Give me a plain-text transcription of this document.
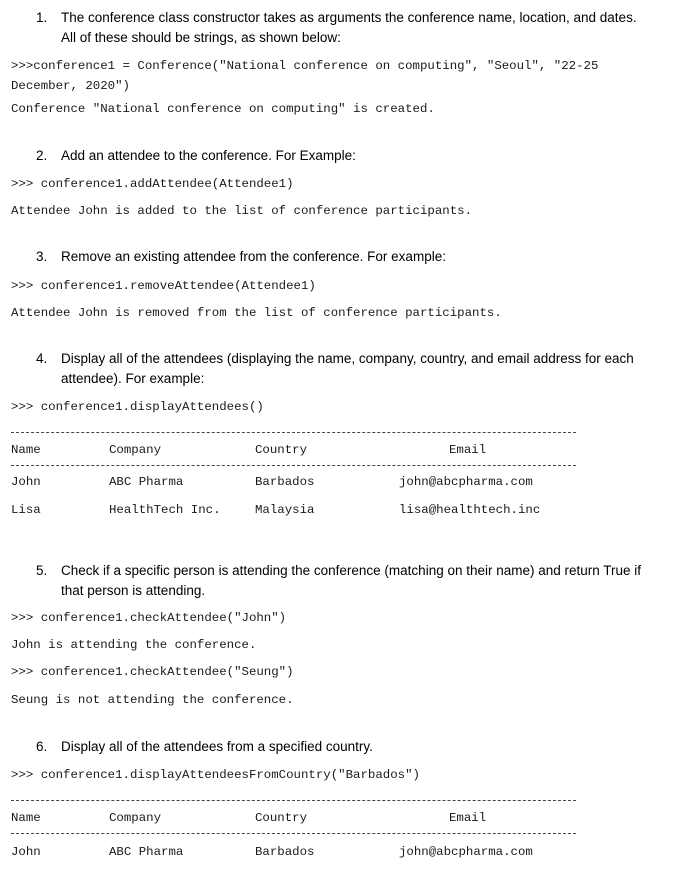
1.	The conference class constructor takes as arguments the conference name, location, and dates. All of these should be strings, as shown below:
>>>conference1 = Conference("National conference on computing", "Seoul", "22-25 December, 2020")
Conference "National conference on computing" is created.
2.	Add an attendee to the conference. For Example:
>>> conference1.addAttendee(Attendee1)
Attendee John is added to the list of conference participants.
3.	Remove an existing attendee from the conference. For example:
>>> conference1.removeAttendee(Attendee1)
Attendee John is removed from the list of conference participants.
4.	Display all of the attendees (displaying the name, company, country, and email address for each attendee). For example:
>>> conference1.displayAttendees()
Name	Company	Country	Email
John	ABC Pharma	Barbados	john@abcpharma.com
Lisa	HealthTech Inc.	Malaysia	lisa@healthtech.inc
5.	Check if a specific person is attending the conference (matching on their name) and return True if that person is attending.
>>> conference1.checkAttendee("John")
John is attending the conference.
>>> conference1.checkAttendee("Seung")
Seung is not attending the conference.
6.	Display all of the attendees from a specified country.
>>> conference1.displayAttendeesFromCountry("Barbados")
Name	Company	Country	Email
John	ABC Pharma	Barbados	john@abcpharma.com
